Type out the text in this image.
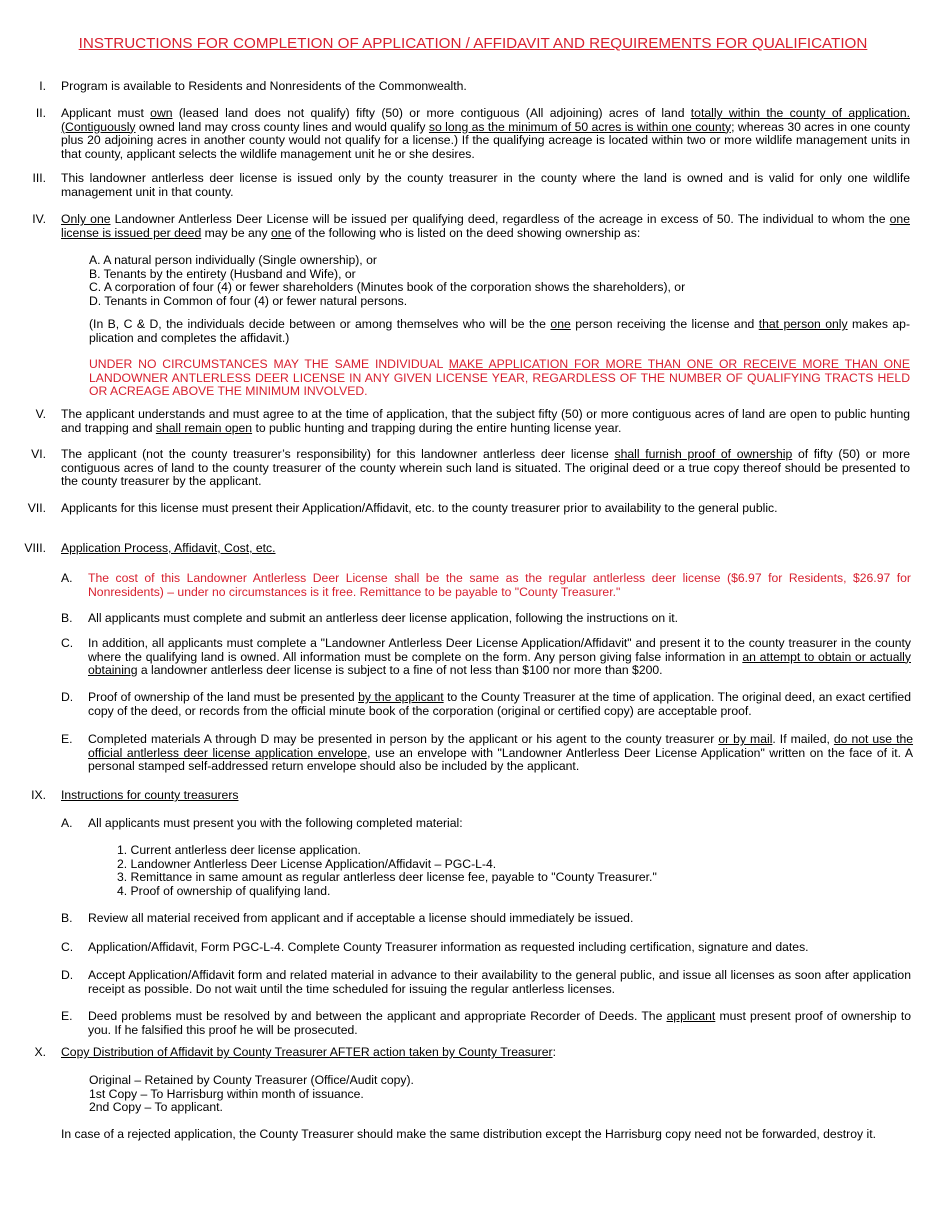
INSTRUCTIONS FOR COMPLETION OF APPLICATION / AFFIDAVIT AND REQUIREMENTS FOR QUALIFICATION
I. Program is available to Residents and Nonresidents of the Commonwealth.
II. Applicant must own (leased land does not qualify) fifty (50) or more contiguous (All adjoining) acres of land totally within the county of application. (Contiguously owned land may cross county lines and would qualify so long as the minimum of 50 acres is within one county; whereas 30 acres in one county plus 20 adjoining acres in another county would not qualify for a license.) If the qualifying acreage is located within two or more wildlife management units in that county, applicant selects the wildlife management unit he or she desires.
III. This landowner antlerless deer license is issued only by the county treasurer in the county where the land is owned and is valid for only one wildlife management unit in that county.
IV. Only one Landowner Antlerless Deer License will be issued per qualifying deed, regardless of the acreage in excess of 50. The individual to whom the one license is issued per deed may be any one of the following who is listed on the deed showing ownership as:
A. A natural person individually (Single ownership), or
B. Tenants by the entirety (Husband and Wife), or
C. A corporation of four (4) or fewer shareholders (Minutes book of the corporation shows the shareholders), or
D. Tenants in Common of four (4) or fewer natural persons.
(In B, C & D, the individuals decide between or among themselves who will be the one person receiving the license and that person only makes application and completes the affidavit.)
UNDER NO CIRCUMSTANCES MAY THE SAME INDIVIDUAL MAKE APPLICATION FOR MORE THAN ONE OR RECEIVE MORE THAN ONE LANDOWNER ANTLERLESS DEER LICENSE IN ANY GIVEN LICENSE YEAR, REGARDLESS OF THE NUMBER OF QUALIFYING TRACTS HELD OR ACREAGE ABOVE THE MINIMUM INVOLVED.
V. The applicant understands and must agree to at the time of application, that the subject fifty (50) or more contiguous acres of land are open to public hunting and trapping and shall remain open to public hunting and trapping during the entire hunting license year.
VI. The applicant (not the county treasurer’s responsibility) for this landowner antlerless deer license shall furnish proof of ownership of fifty (50) or more contiguous acres of land to the county treasurer of the county wherein such land is situated. The original deed or a true copy thereof should be presented to the county treasurer by the applicant.
VII. Applicants for this license must present their Application/Affidavit, etc. to the county treasurer prior to availability to the general public.
VIII. Application Process, Affidavit, Cost, etc.
A. The cost of this Landowner Antlerless Deer License shall be the same as the regular antlerless deer license ($6.97 for Residents, $26.97 for Nonresidents) – under no circumstances is it free. Remittance to be payable to "County Treasurer."
B. All applicants must complete and submit an antlerless deer license application, following the instructions on it.
C. In addition, all applicants must complete a "Landowner Antlerless Deer License Application/Affidavit" and present it to the county treasurer in the county where the qualifying land is owned. All information must be complete on the form. Any person giving false information in an attempt to obtain or actually obtaining a landowner antlerless deer license is subject to a fine of not less than $100 nor more than $200.
D. Proof of ownership of the land must be presented by the applicant to the County Treasurer at the time of application. The original deed, an exact certified copy of the deed, or records from the official minute book of the corporation (original or certified copy) are acceptable proof.
E. Completed materials A through D may be presented in person by the applicant or his agent to the county treasurer or by mail. If mailed, do not use the official antlerless deer license application envelope, use an envelope with "Landowner Antlerless Deer License Application" written on the face of it. A personal stamped self-addressed return envelope should also be included by the applicant.
IX. Instructions for county treasurers
A. All applicants must present you with the following completed material:
1. Current antlerless deer license application.
2. Landowner Antlerless Deer License Application/Affidavit – PGC-L-4.
3. Remittance in same amount as regular antlerless deer license fee, payable to "County Treasurer."
4. Proof of ownership of qualifying land.
B. Review all material received from applicant and if acceptable a license should immediately be issued.
C. Application/Affidavit, Form PGC-L-4. Complete County Treasurer information as requested including certification, signature and dates.
D. Accept Application/Affidavit form and related material in advance to their availability to the general public, and issue all licenses as soon after application receipt as possible. Do not wait until the time scheduled for issuing the regular antlerless licenses.
E. Deed problems must be resolved by and between the applicant and appropriate Recorder of Deeds. The applicant must present proof of ownership to you. If he falsified this proof he will be prosecuted.
X. Copy Distribution of Affidavit by County Treasurer AFTER action taken by County Treasurer:
Original – Retained by County Treasurer (Office/Audit copy).
1st Copy – To Harrisburg within month of issuance.
2nd Copy – To applicant.
In case of a rejected application, the County Treasurer should make the same distribution except the Harrisburg copy need not be forwarded, destroy it.
